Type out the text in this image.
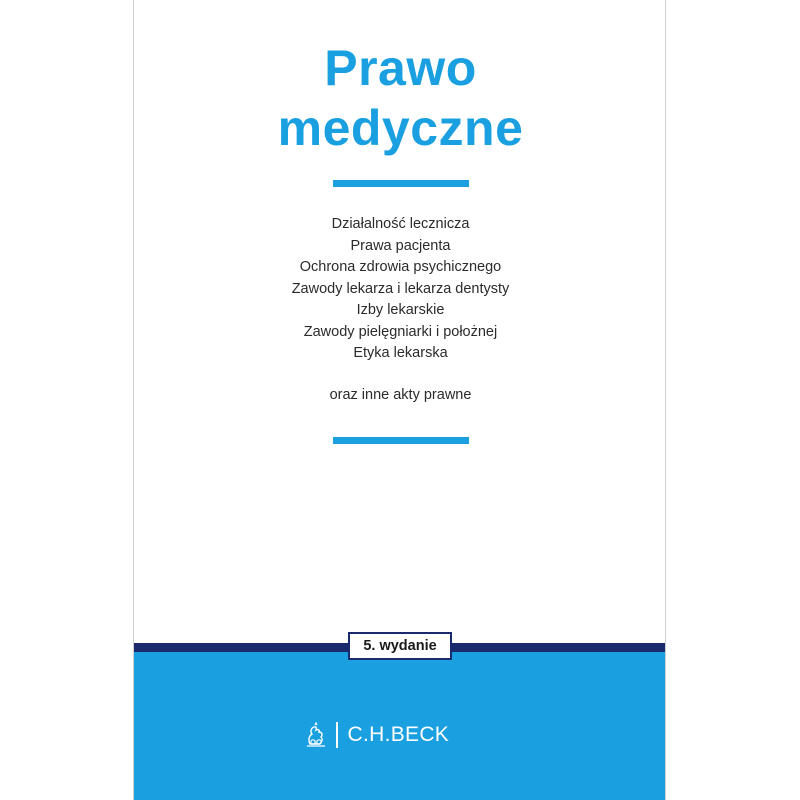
Prawo
medyczne
Działalność lecznicza
Prawa pacjenta
Ochrona zdrowia psychicznego
Zawody lekarza i lekarza dentysty
Izby lekarskie
Zawody pielęgniarki i położnej
Etyka lekarska
oraz inne akty prawne
5. wydanie
C.H.BECK
